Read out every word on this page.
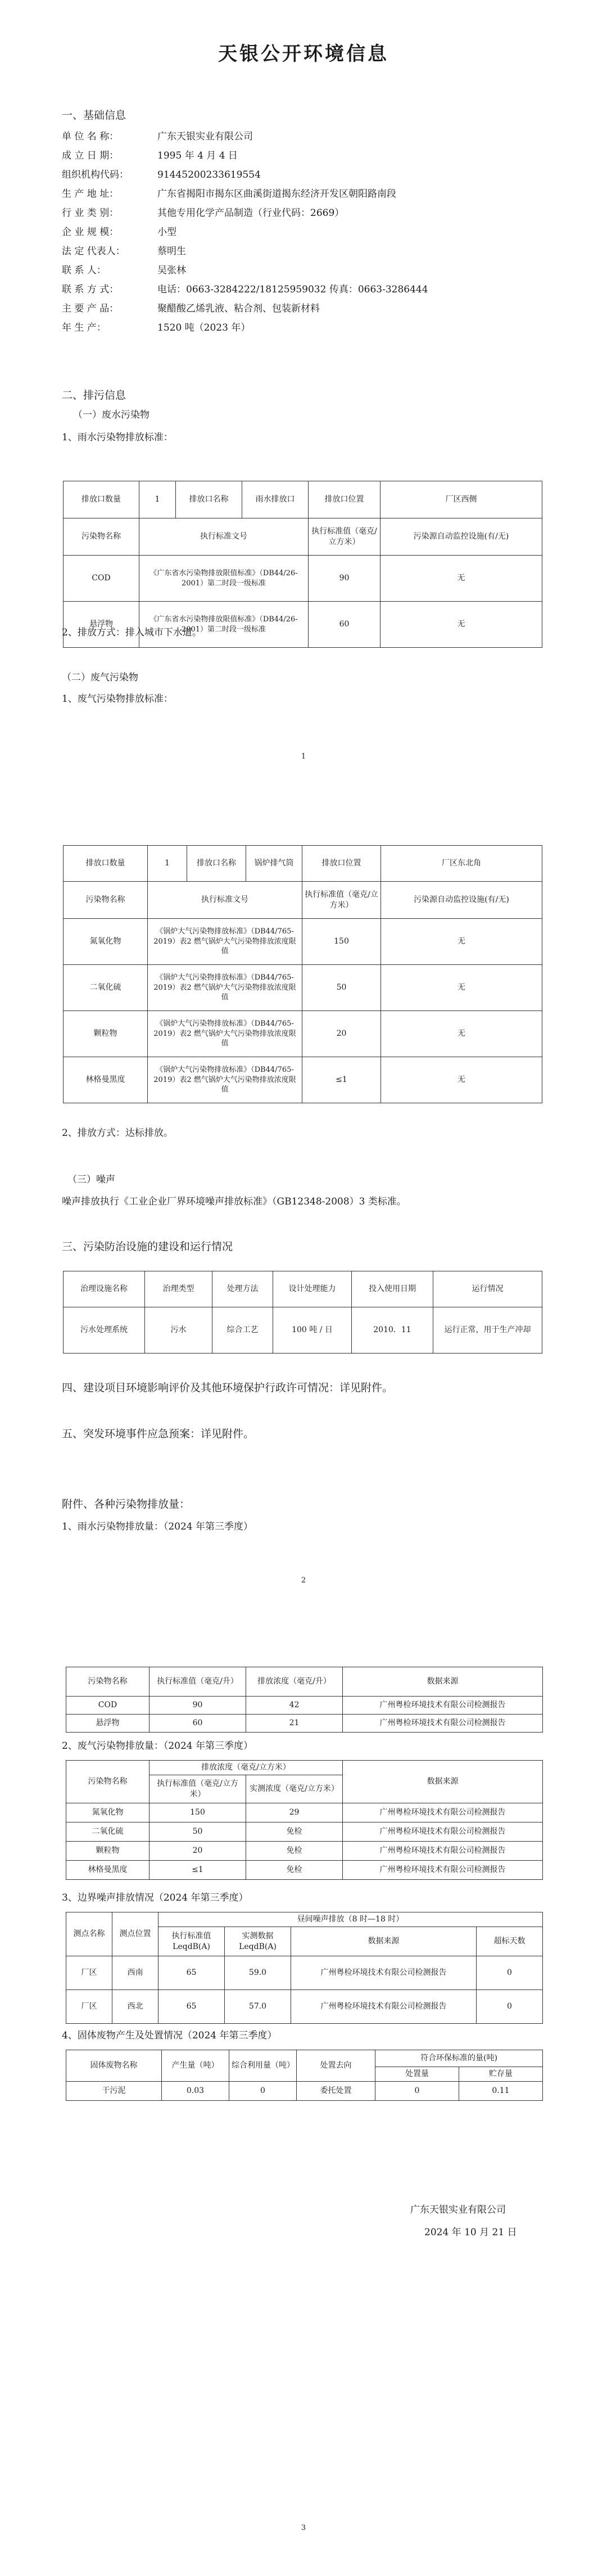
天银公开环境信息
一、基础信息
单 位 名 称：	广东天银实业有限公司
成 立 日 期：	1995 年 4 月 4 日
组织机构代码：	91445200233619554
生 产 地 址：	广东省揭阳市揭东区曲溪街道揭东经济开发区朝阳路南段
行 业 类 别：	其他专用化学产品制造（行业代码：2669）
企 业 规 模：	小型
法 定 代表人：	蔡明生
联 系 人：	吴张林
联 系 方 式：	电话：0663-3284222/18125959032 传真：0663-3286444
主 要 产 品：	聚醋酸乙烯乳液、粘合剂、包装新材料
年 生 产：	1520 吨（2023 年）
二、排污信息
（一）废水污染物
1、雨水污染物排放标准：
排放口数量	1	排放口名称	雨水排放口	排放口位置	厂区西侧
污染物名称	执行标准文号			执行标准值（毫克/立方米）	污染源自动监控设施(有/无)
COD	《广东省水污染物排放限值标准》（DB44/26-2001）第二时段一级标准			90	无
悬浮物	《广东省水污染物排放限值标准》（DB44/26-2001）第二时段一级标准			60	无
2、排放方式：排入城市下水道。
（二）废气污染物
1、废气污染物排放标准：
1
排放口数量	1	排放口名称	锅炉排气筒	排放口位置	厂区东北角
污染物名称	执行标准文号			执行标准值（毫克/立方米）	污染源自动监控设施(有/无)
氮氧化物	《锅炉大气污染物排放标准》（DB44/765-2019）表2 燃气锅炉大气污染物排放浓度限值			150	无
二氧化硫	《锅炉大气污染物排放标准》（DB44/765-2019）表2 燃气锅炉大气污染物排放浓度限值			50	无
颗粒物	《锅炉大气污染物排放标准》（DB44/765-2019）表2 燃气锅炉大气污染物排放浓度限值			20	无
林格曼黑度	《锅炉大气污染物排放标准》（DB44/765-2019）表2 燃气锅炉大气污染物排放浓度限值			≤1	无
2、排放方式：达标排放。
（三）噪声
噪声排放执行《工业企业厂界环境噪声排放标准》（GB12348-2008）3 类标准。
三、污染防治设施的建设和运行情况
治理设施名称	治理类型	处理方法	设计处理能力	投入使用日期	运行情况
污水处理系统	污水	综合工艺	100 吨 / 日	2010．11	运行正常，用于生产冲却
四、建设项目环境影响评价及其他环境保护行政许可情况：详见附件。
五、突发环境事件应急预案：详见附件。
附件、各种污染物排放量：
1、雨水污染物排放量：（2024 年第三季度）
2
污染物名称	执行标准值（毫克/升）	排放浓度（毫克/升）	数据来源
COD	90	42	广州粤检环境技术有限公司检测报告
悬浮物	60	21	广州粤检环境技术有限公司检测报告
2、废气污染物排放量：（2024 年第三季度）
污染物名称	排放浓度（毫克/立方米）		数据来源
	执行标准值（毫克/立方米）	实测浓度（毫克/立方米）	
氮氧化物	150	29	广州粤检环境技术有限公司检测报告
二氧化硫	50	免检	广州粤检环境技术有限公司检测报告
颗粒物	20	免检	广州粤检环境技术有限公司检测报告
林格曼黑度	≤1	免检	广州粤检环境技术有限公司检测报告
3、边界噪声排放情况（2024 年第三季度）
测点名称	测点位置	昼间噪声排放（8 时—18 时）			
		执行标准值 LeqdB(A)	实测数据 LeqdB(A)	数据来源	超标天数
厂区	西南	65	59.0	广州粤检环境技术有限公司检测报告	0
厂区	西北	65	57.0	广州粤检环境技术有限公司检测报告	0
4、固体废物产生及处置情况（2024 年第三季度）
固体废物名称	产生量（吨）	综合利用量（吨）	处置去向	符合环保标准的量(吨)	
				处置量	贮存量
干污泥	0.03	0	委托处置	0	0.11
广东天银实业有限公司
2024 年 10 月 21 日
3
